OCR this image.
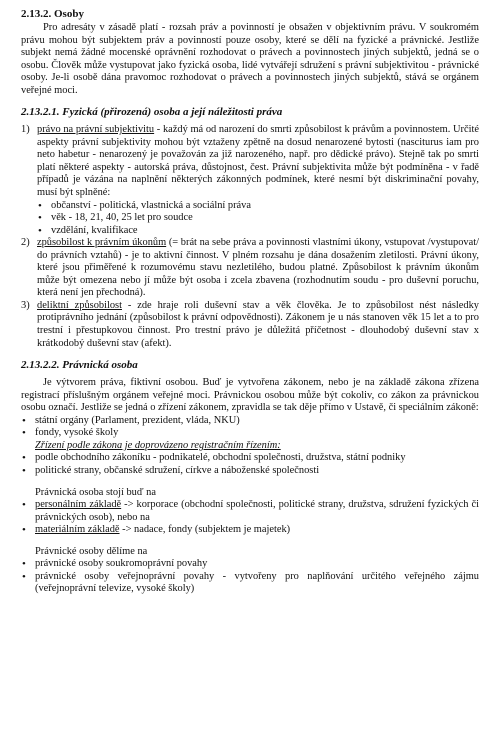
2.13.2. Osoby

Pro adresáty v zásadě platí - rozsah práv a povinností je obsažen v objektivním právu. V soukromém právu mohou být subjektem práv a povinností pouze osoby, které se dělí na fyzické a právnické. Jestliže subjekt nemá žádné mocenské oprávnění rozhodovat o právech a povinnostech jiných subjektů, jedná se o osobu. Člověk může vystupovat jako fyzická osoba, lidé vytvářejí sdružení s právní subjektivitou - právnické osoby. Je-li osobě dána pravomoc rozhodovat o právech a povinnostech jiných subjektů, stává se orgánem veřejné moci.

2.13.2.1. Fyzická (přirozená) osoba a její náležitosti práva
1) právo na právní subjektivitu - každý má od narození do smrti způsobilost k právům a povinnostem. Určité aspekty právní subjektivity mohou být vztaženy zpětně na dosud nenarozené bytosti (nasciturus iam pro neto habetur - nenarozený je považován za již narozeného, např. pro dědické právo). Stejně tak po smrti platí některé aspekty - autorská práva, důstojnost, čest. Právní subjektivita může být podmíněna - v řadě případů je vázána na naplnění některých zákonných podmínek, které nesmí být diskriminační povahy, musí být splněné:
• občanství - politická, vlastnická a sociální práva
• věk - 18, 21, 40, 25 let pro soudce
• vzdělání, kvalifikace
2) způsobilost k právním úkonům (= brát na sebe práva a povinnosti vlastními úkony, vstupovat /vystupovat/ do právních vztahů) - je to aktivní činnost. V plném rozsahu je dána dosažením zletilosti. Právní úkony, které jsou přiměřené k rozumovému stavu nezletilého, budou platné. Způsobilost k právním úkonům může být omezena nebo jí může být osoba i zcela zbavena (rozhodnutím soudu - pro duševní poruchu, která není jen přechodná).
3) deliktní způsobilost - zde hraje roli duševní stav a věk člověka. Je to způsobilost nést následky protiprávního jednání (způsobilost k právní odpovědnosti). Zákonem je u nás stanoven věk 15 let a to pro trestní i přestupkovou činnost. Pro trestní právo je důležitá příčetnost - dlouhodobý duševní stav x krátkodobý duševní stav (afekt).
2.13.2.2. Právnická osoba

Je výtvorem práva, fiktivní osobou. Buď je vytvořena zákonem, nebo je na základě zákona zřízena registrací příslušným orgánem veřejné moci. Právnickou osobou může být cokoliv, co zákon za právnickou osobu označí. Jestliže se jedná o zřízení zákonem, zpravidla se tak děje přímo v Ustavě, či speciálním zákoně:

• státní orgány (Parlament, prezident, vláda, NKU)
• fondy, vysoké školy

Zřízení podle zákona je doprovázeno registračním řízením:

• podle obchodního zákoníku - podnikatelé, obchodní společnosti, družstva, státní podniky
• politické strany, občanské sdružení, církve a náboženské společnosti

Právnická osoba stojí buď na

• personálním základě -> korporace (obchodní společnosti, politické strany, družstva, sdružení fyzických či právnických osob), nebo na
• materiálním základě -> nadace, fondy (subjektem je majetek)

Právnické osoby dělíme na

• právnické osoby soukromoprávní povahy
• právnické osoby veřejnoprávní povahy - vytvořeny pro naplňování určitého veřejného zájmu (veřejnoprávní televize, vysoké školy)
